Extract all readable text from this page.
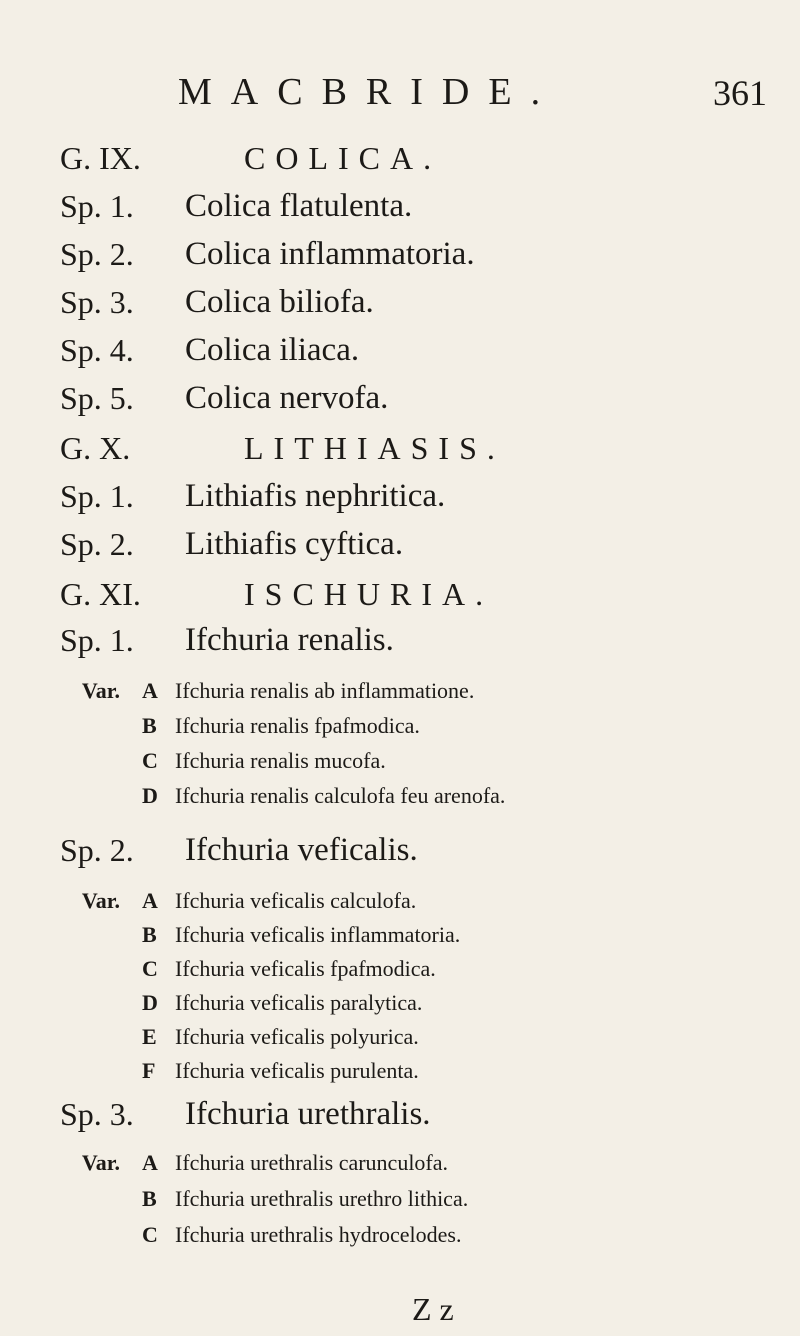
MACBRIDE.	361
G. IX.	COLICA.
Sp. 1. Colica flatulenta.
Sp. 2. Colica inflammatoria.
Sp. 3. Colica biliofa.
Sp. 4. Colica iliaca.
Sp. 5. Colica nervofa.
G. X.	LITHIASIS.
Sp. 1. Lithiafis nephritica.
Sp. 2. Lithiafis cyftica.
G. XI.	ISCHURIA.
Sp. 1. Ifchuria renalis.
Var. A Ifchuria renalis ab inflammatione.
B Ifchuria renalis fpafmodica.
C Ifchuria renalis mucofa.
D Ifchuria renalis calculofa feu arenofa.
Sp. 2. Ifchuria veficalis.
Var. A Ifchuria veficalis calculofa.
B Ifchuria veficalis inflammatoria.
C Ifchuria veficalis fpafmodica.
D Ifchuria veficalis paralytica.
E Ifchuria veficalis polyurica.
F Ifchuria veficalis purulenta.
Sp. 3. Ifchuria urethralis.
Var. A Ifchuria urethralis carunculofa.
B Ifchuria urethralis urethro lithica.
C Ifchuria urethralis hydrocelodes.
Z z
